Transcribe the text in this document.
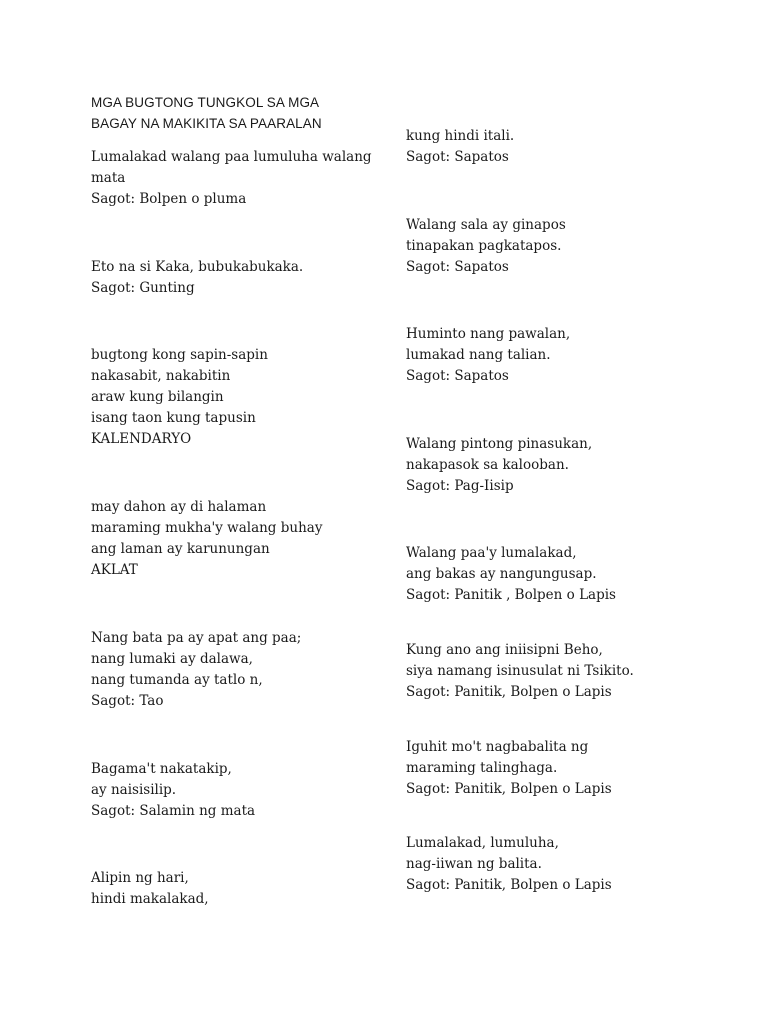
MGA BUGTONG TUNGKOL SA MGA
BAGAY NA MAKIKITA SA PAARALAN
Lumalakad walang paa lumuluha walang
mata
Sagot: Bolpen o pluma
Eto na si Kaka, bubukabukaka.
Sagot: Gunting
bugtong kong sapin-sapin
nakasabit, nakabitin
araw kung bilangin
isang taon kung tapusin
KALENDARYO
may dahon ay di halaman
maraming mukha'y walang buhay
ang laman ay karunungan
AKLAT
Nang bata pa ay apat ang paa;
nang lumaki ay dalawa,
nang tumanda ay tatlo n,
Sagot: Tao
Bagama't nakatakip,
ay naisisilip.
Sagot: Salamin ng mata
Alipin ng hari,
hindi makalakad,
kung hindi itali.
Sagot: Sapatos
Walang sala ay ginapos
tinapakan pagkatapos.
Sagot: Sapatos
Huminto nang pawalan,
lumakad nang talian.
Sagot: Sapatos
Walang pintong pinasukan,
nakapasok sa kalooban.
Sagot: Pag-Iisip
Walang paa'y lumalakad,
ang bakas ay nangungusap.
Sagot: Panitik , Bolpen o Lapis
Kung ano ang iniisipni Beho,
siya namang isinusulat ni Tsikito.
Sagot: Panitik, Bolpen o Lapis
Iguhit mo't nagbabalita ng
maraming talinghaga.
Sagot: Panitik, Bolpen o Lapis
Lumalakad, lumuluha,
nag-iiwan ng balita.
Sagot: Panitik, Bolpen o Lapis
